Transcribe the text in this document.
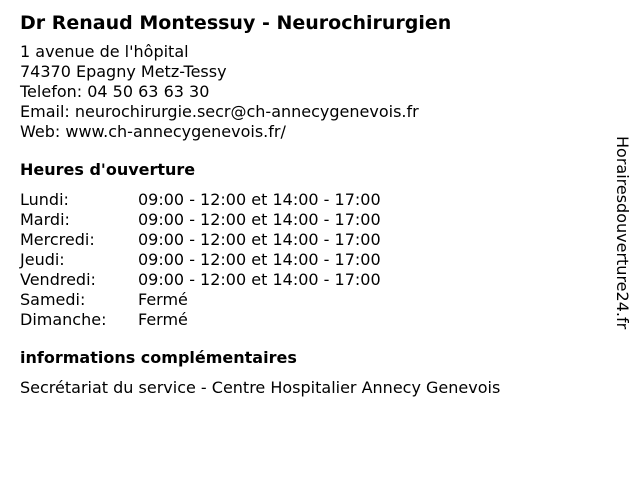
Dr Renaud Montessuy - Neurochirurgien
1 avenue de l'hôpital
74370 Epagny Metz-Tessy
Telefon: 04 50 63 63 30
Email: neurochirurgie.secr@ch-annecygenevois.fr
Web: www.ch-annecygenevois.fr/
Heures d'ouverture
Lundi:	09:00 - 12:00 et 14:00 - 17:00
Mardi:	09:00 - 12:00 et 14:00 - 17:00
Mercredi:	09:00 - 12:00 et 14:00 - 17:00
Jeudi:	09:00 - 12:00 et 14:00 - 17:00
Vendredi:	09:00 - 12:00 et 14:00 - 17:00
Samedi:	Fermé
Dimanche:	Fermé
informations complémentaires
Secrétariat du service - Centre Hospitalier Annecy Genevois
Horairesdouverture24.fr
